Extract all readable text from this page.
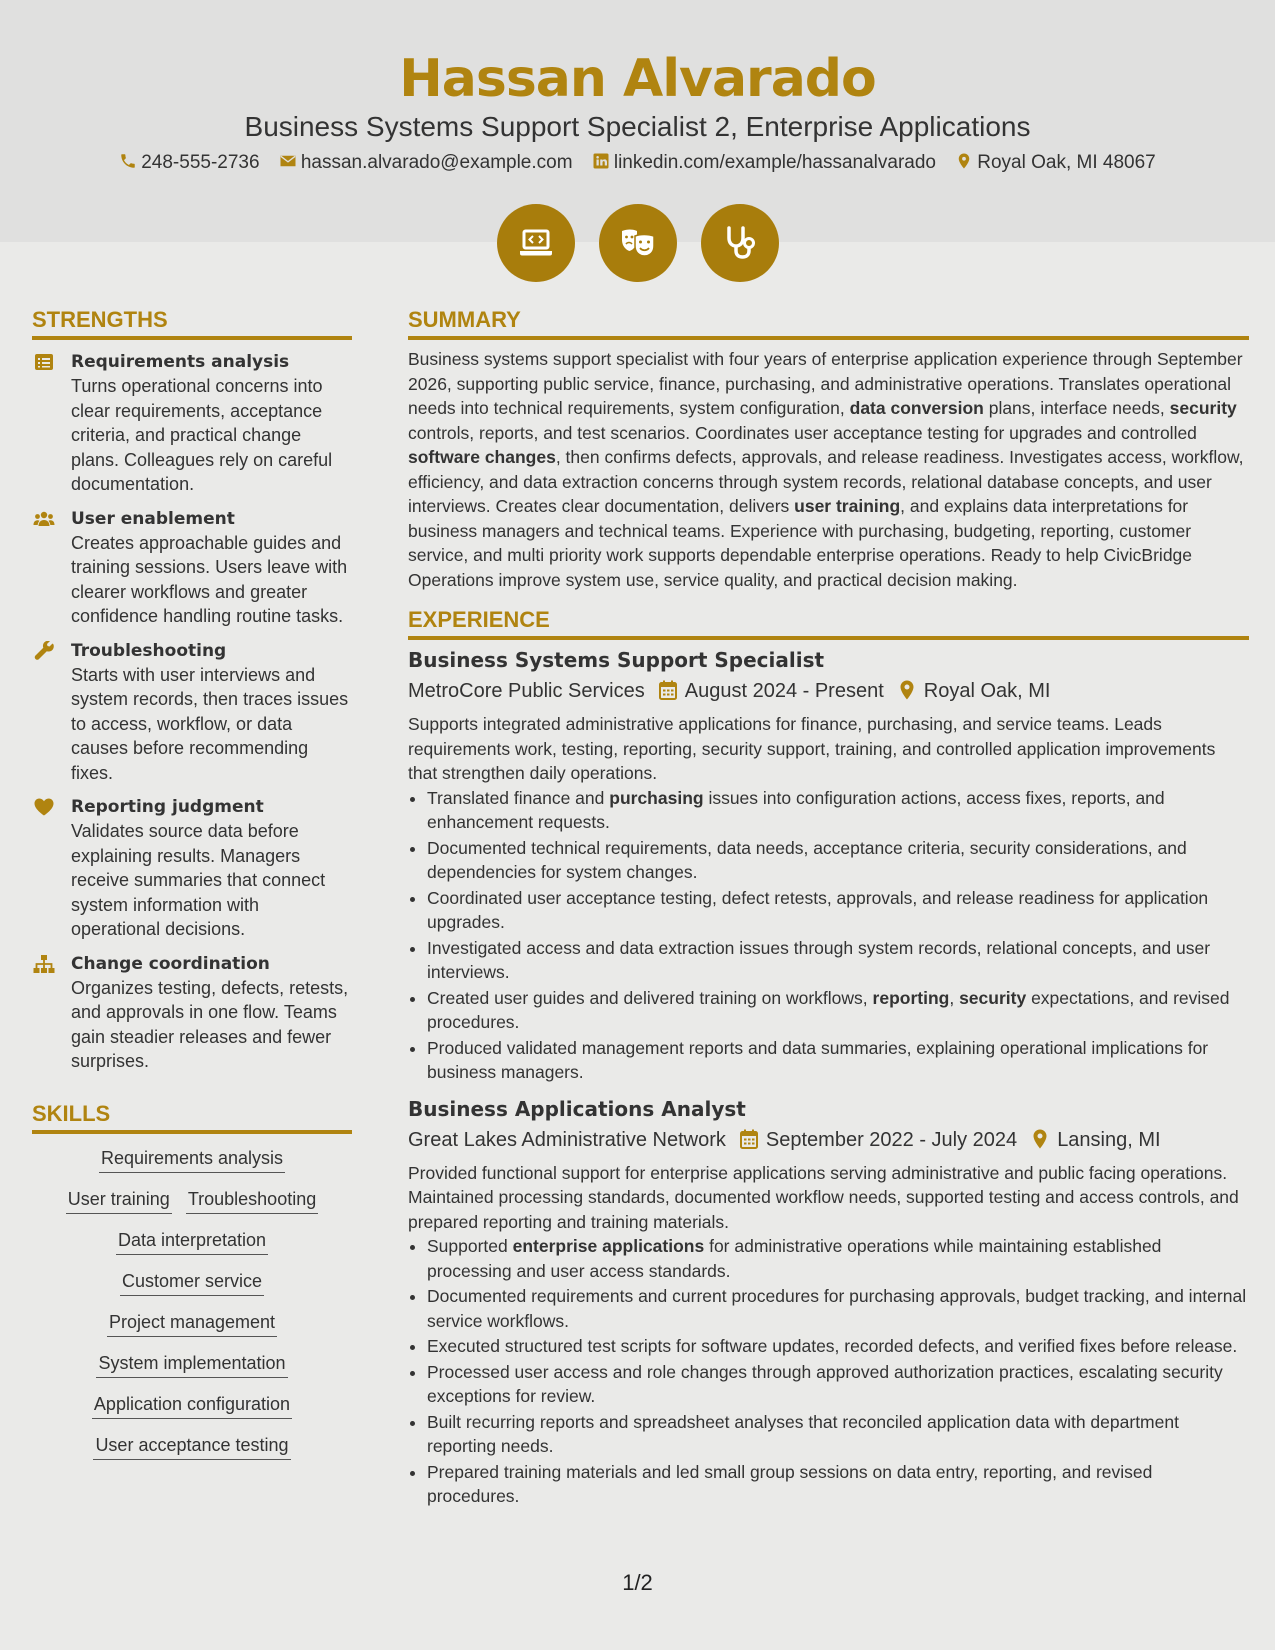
Hassan Alvarado
Business Systems Support Specialist 2, Enterprise Applications
248-555-2736 hassan.alvarado@example.com linkedin.com/example/hassanalvarado Royal Oak, MI 48067

STRENGTHS
Requirements analysis
Turns operational concerns into clear requirements, acceptance criteria, and practical change plans. Colleagues rely on careful documentation.
User enablement
Creates approachable guides and training sessions. Users leave with clearer workflows and greater confidence handling routine tasks.
Troubleshooting
Starts with user interviews and system records, then traces issues to access, workflow, or data causes before recommending fixes.
Reporting judgment
Validates source data before explaining results. Managers receive summaries that connect system information with operational decisions.
Change coordination
Organizes testing, defects, retests, and approvals in one flow. Teams gain steadier releases and fewer surprises.
SKILLS
Requirements analysis
User training Troubleshooting
Data interpretation
Customer service
Project management
System implementation
Application configuration
User acceptance testing
SUMMARY
Business systems support specialist with four years of enterprise application experience through September 2026, supporting public service, finance, purchasing, and administrative operations. Translates operational needs into technical requirements, system configuration, data conversion plans, interface needs, security controls, reports, and test scenarios. Coordinates user acceptance testing for upgrades and controlled software changes, then confirms defects, approvals, and release readiness. Investigates access, workflow, efficiency, and data extraction concerns through system records, relational database concepts, and user interviews. Creates clear documentation, delivers user training, and explains data interpretations for business managers and technical teams. Experience with purchasing, budgeting, reporting, customer service, and multi priority work supports dependable enterprise operations. Ready to help CivicBridge Operations improve system use, service quality, and practical decision making.
EXPERIENCE
Business Systems Support Specialist
MetroCore Public Services August 2024 - Present Royal Oak, MI
Supports integrated administrative applications for finance, purchasing, and service teams. Leads requirements work, testing, reporting, security support, training, and controlled application improvements that strengthen daily operations.
• Translated finance and purchasing issues into configuration actions, access fixes, reports, and enhancement requests.
• Documented technical requirements, data needs, acceptance criteria, security considerations, and dependencies for system changes.
• Coordinated user acceptance testing, defect retests, approvals, and release readiness for application upgrades.
• Investigated access and data extraction issues through system records, relational concepts, and user interviews.
• Created user guides and delivered training on workflows, reporting, security expectations, and revised procedures.
• Produced validated management reports and data summaries, explaining operational implications for business managers.
Business Applications Analyst
Great Lakes Administrative Network September 2022 - July 2024 Lansing, MI
Provided functional support for enterprise applications serving administrative and public facing operations. Maintained processing standards, documented workflow needs, supported testing and access controls, and prepared reporting and training materials.
• Supported enterprise applications for administrative operations while maintaining established processing and user access standards.
• Documented requirements and current procedures for purchasing approvals, budget tracking, and internal service workflows.
• Executed structured test scripts for software updates, recorded defects, and verified fixes before release.
• Processed user access and role changes through approved authorization practices, escalating security exceptions for review.
• Built recurring reports and spreadsheet analyses that reconciled application data with department reporting needs.
• Prepared training materials and led small group sessions on data entry, reporting, and revised procedures.
1/2
